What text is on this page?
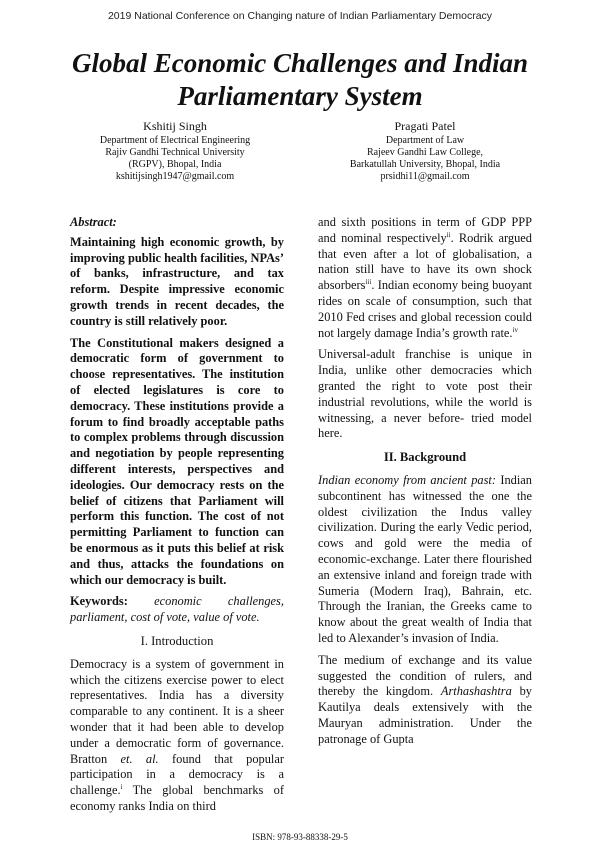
2019 National Conference on Changing nature of Indian Parliamentary Democracy
Global Economic Challenges and Indian
Parliamentary System
Kshitij Singh
Department of Electrical Engineering
Rajiv Gandhi Technical University
(RGPV), Bhopal, India
kshitijsingh1947@gmail.com
Pragati Patel
Department of Law
Rajeev Gandhi Law College,
Barkatullah University, Bhopal, India
prsidhi11@gmail.com
Abstract:
Maintaining high economic growth, by improving public health facilities, NPAs’ of banks, infrastructure, and tax reform. Despite impressive economic growth trends in recent decades, the country is still relatively poor.
The Constitutional makers designed a democratic form of government to choose representatives. The institution of elected legislatures is core to democracy. These institutions provide a forum to find broadly acceptable paths to complex problems through discussion and negotiation by people representing different interests, perspectives and ideologies. Our democracy rests on the belief of citizens that Parliament will perform this function. The cost of not permitting Parliament to function can be enormous as it puts this belief at risk and thus, attacks the foundations on which our democracy is built.
Keywords: economic challenges, parliament, cost of vote, value of vote.
I. Introduction
Democracy is a system of government in which the citizens exercise power to elect representatives. India has a diversity comparable to any continent. It is a sheer wonder that it had been able to develop under a democratic form of governance. Bratton et. al. found that popular participation in a democracy is a challenge.$^i$ The global benchmarks of economy ranks India on third
and sixth positions in term of GDP PPP and nominal respectively$^{ii}$. Rodrik argued that even after a lot of globalisation, a nation still have to have its own shock absorbers$^{iii}$. Indian economy being buoyant rides on scale of consumption, such that 2010 Fed crises and global recession could not largely damage India’s growth rate.$^{iv}$
Universal-adult franchise is unique in India, unlike other democracies which granted the right to vote post their industrial revolutions, while the world is witnessing, a never before- tried model here.
II. Background
Indian economy from ancient past: Indian subcontinent has witnessed the one the oldest civilization the Indus valley civilization. During the early Vedic period, cows and gold were the media of economic-exchange. Later there flourished an extensive inland and foreign trade with Sumeria (Modern Iraq), Bahrain, etc. Through the Iranian, the Greeks came to know about the great wealth of India that led to Alexander’s invasion of India.
The medium of exchange and its value suggested the condition of rulers, and thereby the kingdom. Arthashashtra by Kautilya deals extensively with the Mauryan administration. Under the patronage of Gupta
ISBN: 978-93-88338-29-5
